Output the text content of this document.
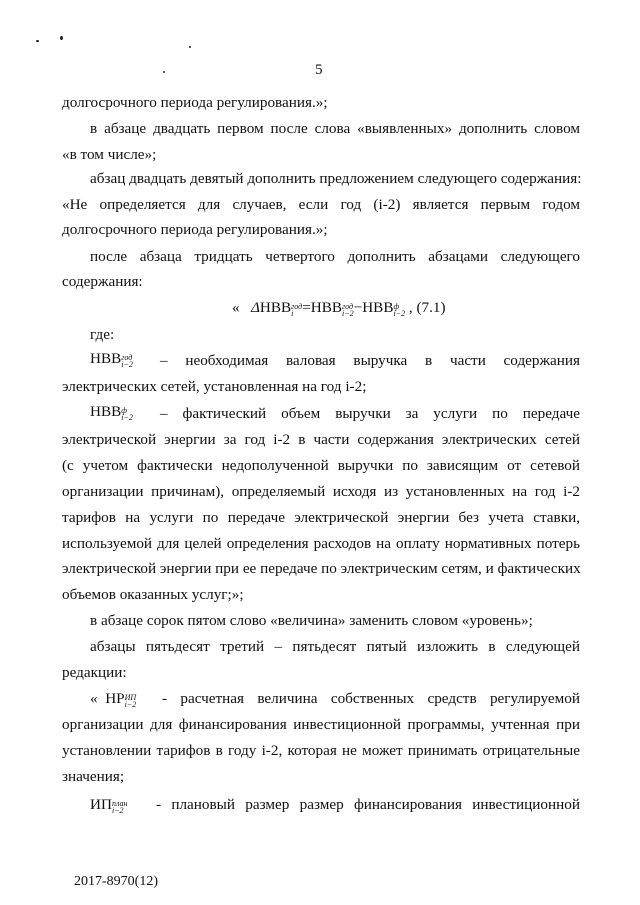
5
долгосрочного периода регулирования.»;
в абзаце двадцать первом после слова «выявленных» дополнить словом
«в том числе»;
абзац двадцать девятый дополнить предложением следующего содержания:
«Не определяется для случаев, если год (i-2) является первым годом
долгосрочного периода регулирования.»;
после абзаца тридцать четвертого дополнить абзацами следующего
содержания:
« ΔНВВ год
i =НВВ год
i−2 −НВВ ф
i−2 , (7.1)
где:
НВВ год
i−2 – необходимая валовая выручка в части содержания
электрических сетей, установленная на год i-2;
НВВ ф
i−2 – фактический объем выручки за услуги по передаче
электрической энергии за год i-2 в части содержания электрических сетей
(с учетом фактически недополученной выручки по зависящим от сетевой
организации причинам), определяемый исходя из установленных на год i-2
тарифов на услуги по передаче электрической энергии без учета ставки,
используемой для целей определения расходов на оплату нормативных потерь
электрической энергии при ее передаче по электрическим сетям, и фактических
объемов оказанных услуг;»;
в абзаце сорок пятом слово «величина» заменить словом «уровень»;
абзацы пятьдесят третий – пятьдесят пятый изложить в следующей
редакции:
« НР ИП
i−2 - расчетная величина собственных средств регулируемой
организации для финансирования инвестиционной программы, учтенная при
установлении тарифов в году i-2, которая не может принимать отрицательные
значения;
ИП план
i−2 - плановый размер размер финансирования инвестиционной
2017-8970(12)
